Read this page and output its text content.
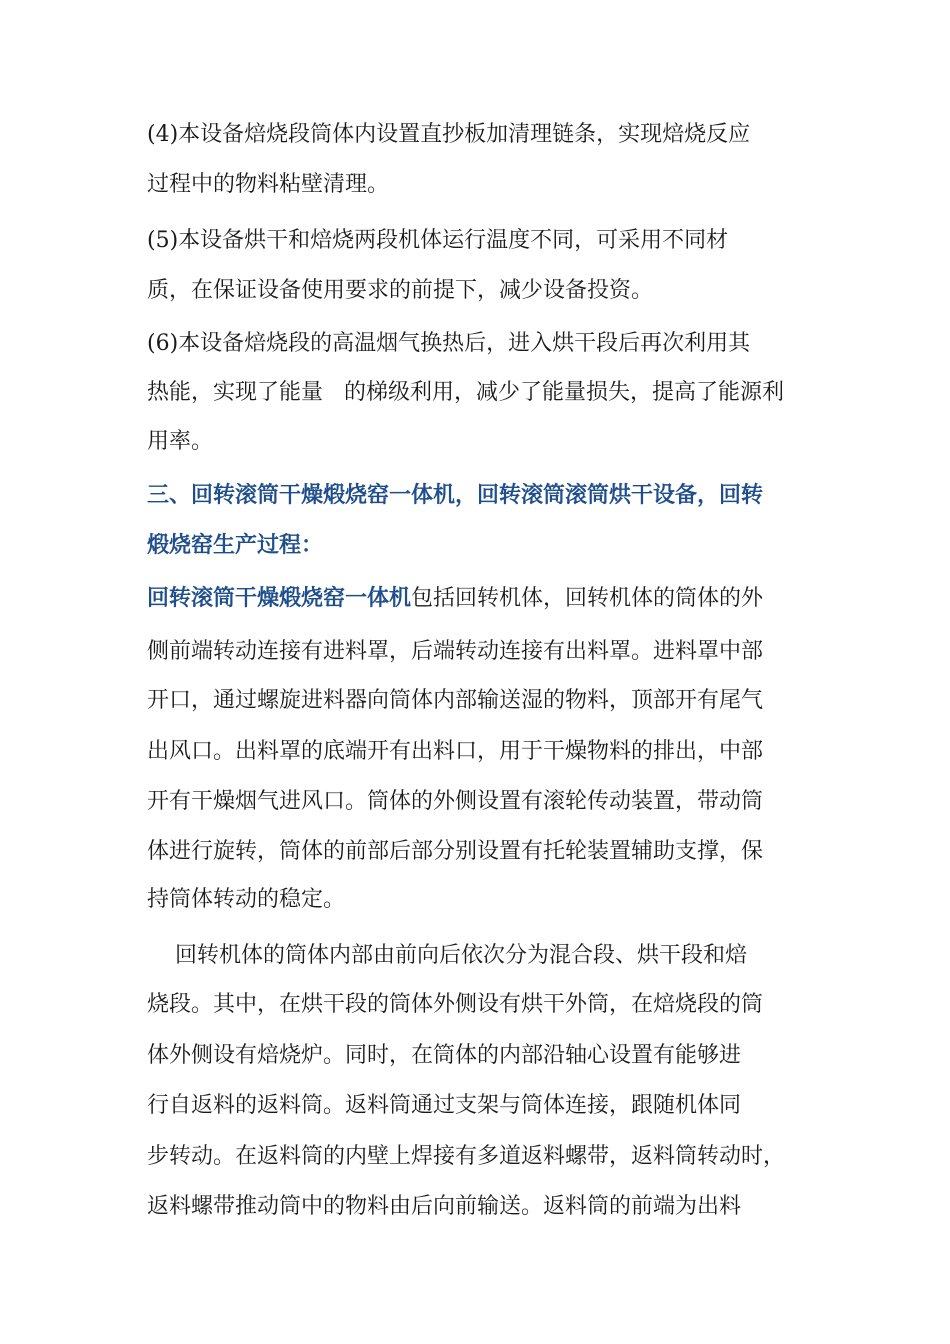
(4)本设备焙烧段筒体内设置直抄板加清理链条，实现焙烧反应
过程中的物料粘壁清理。
(5)本设备烘干和焙烧两段机体运行温度不同，可采用不同材
质，在保证设备使用要求的前提下，减少设备投资。
(6)本设备焙烧段的高温烟气换热后，进入烘干段后再次利用其
热能，实现了能量   的梯级利用，减少了能量损失，提高了能源利
用率。
三、回转滚筒干燥煅烧窑一体机，回转滚筒滚筒烘干设备，回转
煅烧窑生产过程：
回转滚筒干燥煅烧窑一体机包括回转机体，回转机体的筒体的外
侧前端转动连接有进料罩，后端转动连接有出料罩。进料罩中部
开口，通过螺旋进料器向筒体内部输送湿的物料，顶部开有尾气
出风口。出料罩的底端开有出料口，用于干燥物料的排出，中部
开有干燥烟气进风口。筒体的外侧设置有滚轮传动装置，带动筒
体进行旋转，筒体的前部后部分别设置有托轮装置辅助支撑，保
持筒体转动的稳定。
回转机体的筒体内部由前向后依次分为混合段、烘干段和焙
烧段。其中，在烘干段的筒体外侧设有烘干外筒，在焙烧段的筒
体外侧设有焙烧炉。同时，在筒体的内部沿轴心设置有能够进
行自返料的返料筒。返料筒通过支架与筒体连接，跟随机体同
步转动。在返料筒的内壁上焊接有多道返料螺带，返料筒转动时，
返料螺带推动筒中的物料由后向前输送。返料筒的前端为出料
